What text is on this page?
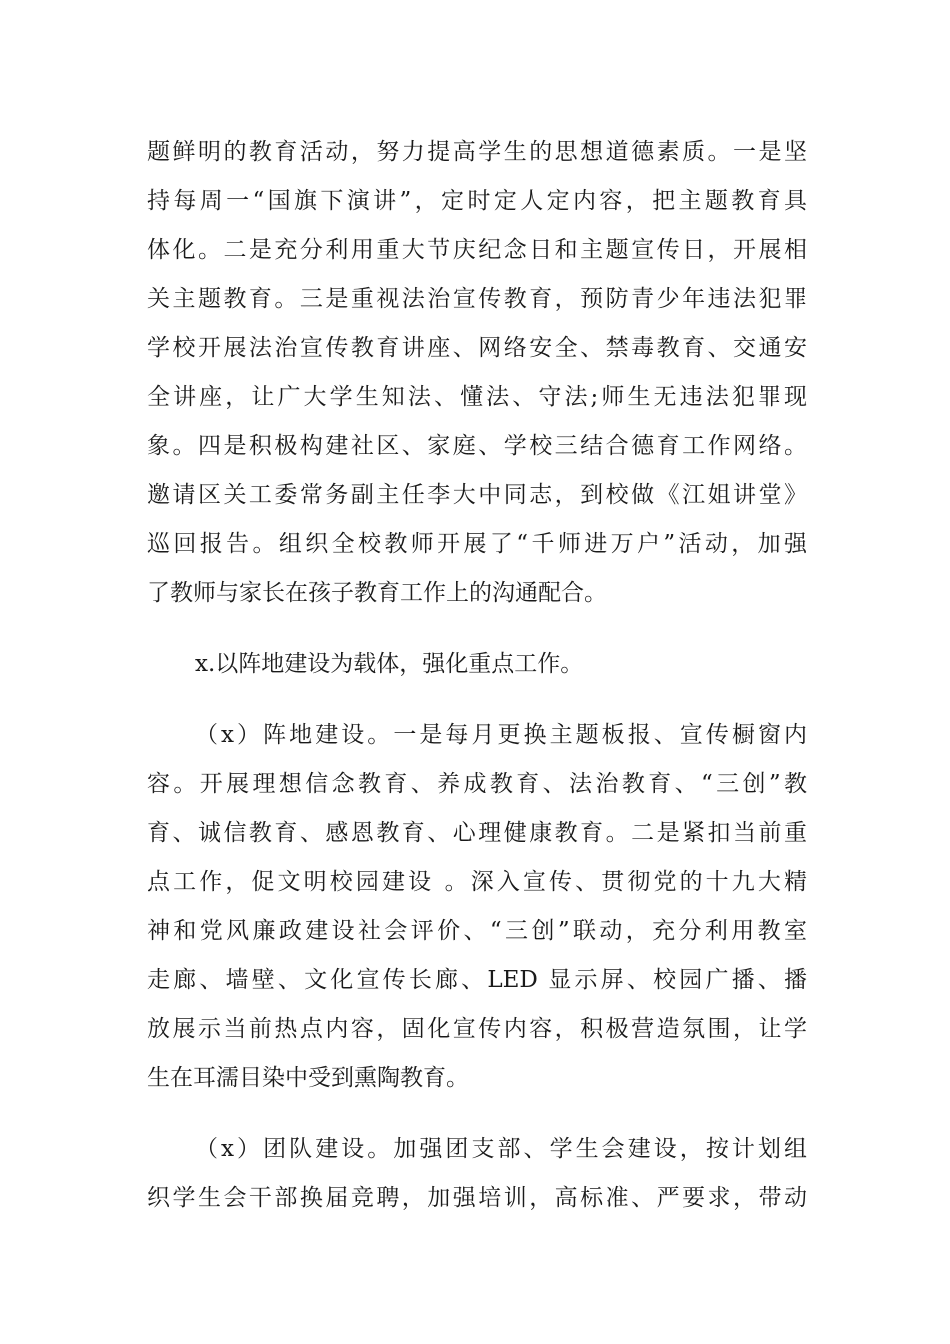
题鲜明的教育活动，努力提高学生的思想道德素质。一是坚
持每周一“国旗下演讲”，定时定人定内容，把主题教育具
体化。二是充分利用重大节庆纪念日和主题宣传日，开展相
关主题教育。三是重视法治宣传教育，预防青少年违法犯罪
学校开展法治宣传教育讲座、网络安全、禁毒教育、交通安
全讲座，让广大学生知法、懂法、守法;师生无违法犯罪现
象。四是积极构建社区、家庭、学校三结合德育工作网络。
邀请区关工委常务副主任李大中同志，到校做《江姐讲堂》
巡回报告。组织全校教师开展了“千师进万户”活动，加强
了教师与家长在孩子教育工作上的沟通配合。
x.以阵地建设为载体，强化重点工作。
（x）阵地建设。一是每月更换主题板报、宣传橱窗内
容。开展理想信念教育、养成教育、法治教育、“三创”教
育、诚信教育、感恩教育、心理健康教育。二是紧扣当前重
点工作，促文明校园建设 。深入宣传、贯彻党的十九大精
神和党风廉政建设社会评价、“三创”联动，充分利用教室
走廊、墙壁、文化宣传长廊、LED 显示屏、校园广播、播
放展示当前热点内容，固化宣传内容，积极营造氛围，让学
生在耳濡目染中受到熏陶教育。
（x）团队建设。加强团支部、学生会建设，按计划组
织学生会干部换届竞聘，加强培训，高标准、严要求，带动
